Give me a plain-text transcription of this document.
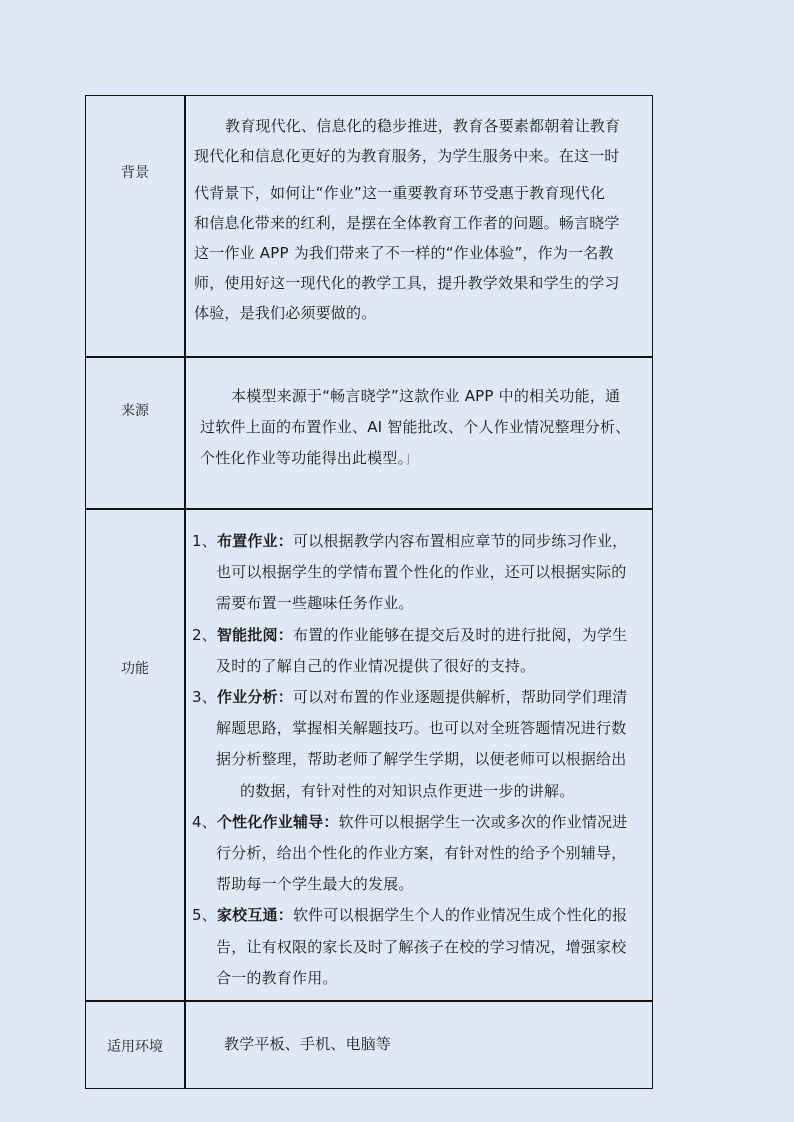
背景

教育现代化、信息化的稳步推进，教育各要素都朝着让教育

现代化和信息化更好的为教育服务，为学生服务中来。在这一时

代背景下，如何让“作业”这一重要教育环节受惠于教育现代化

和信息化带来的红利，是摆在全体教育工作者的问题。畅言晓学

这一作业 APP 为我们带来了不一样的“作业体验”，作为一名教

师，使用好这一现代化的教学工具，提升教学效果和学生的学习

体验，是我们必须要做的。

来源

本模型来源于“畅言晓学”这款作业 APP 中的相关功能，通

过软件上面的布置作业、AI 智能批改、个人作业情况整理分析、

个性化作业等功能得出此模型。⌋

功能

1、布置作业：可以根据教学内容布置相应章节的同步练习作业，

也可以根据学生的学情布置个性化的作业，还可以根据实际的

需要布置一些趣味任务作业。

2、智能批阅：布置的作业能够在提交后及时的进行批阅，为学生

及时的了解自己的作业情况提供了很好的支持。

3、作业分析：可以对布置的作业逐题提供解析，帮助同学们理清

解题思路，掌握相关解题技巧。也可以对全班答题情况进行数

据分析整理，帮助老师了解学生学期，以便老师可以根据给出

的数据，有针对性的对知识点作更进一步的讲解。

4、个性化作业辅导：软件可以根据学生一次或多次的作业情况进

行分析，给出个性化的作业方案，有针对性的给予个别辅导，

帮助每一个学生最大的发展。

5、家校互通：软件可以根据学生个人的作业情况生成个性化的报

告，让有权限的家长及时了解孩子在校的学习情况，增强家校

合一的教育作用。

适用环境	教学平板、手机、电脑等
